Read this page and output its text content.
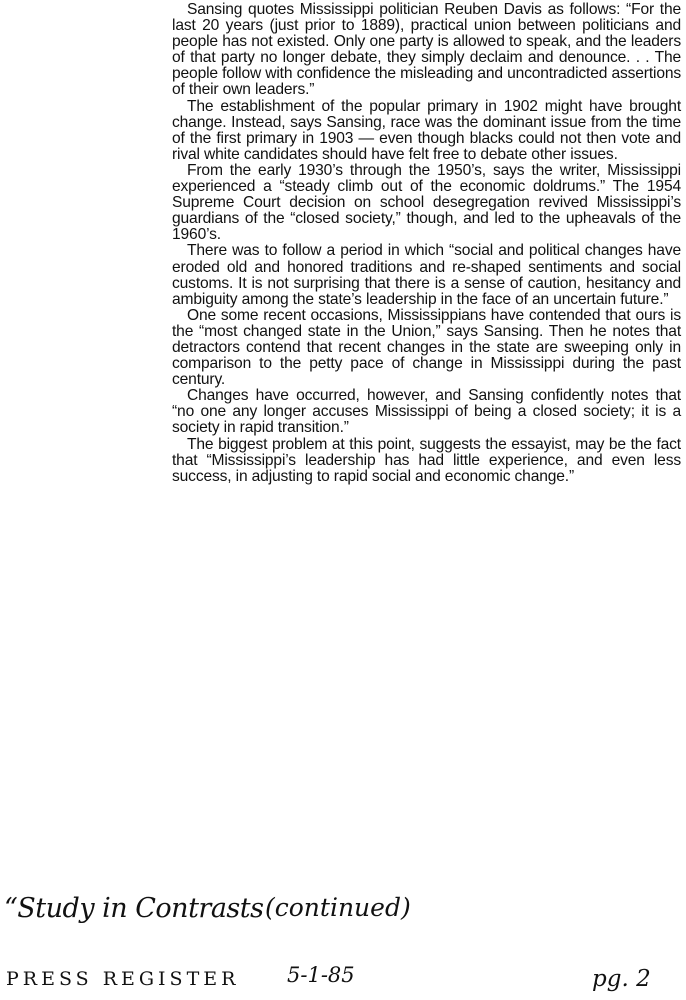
Sansing quotes Mississippi politician Reuben Davis as follows: “For the last 20 years (just prior to 1889), practical union between politicians and people has not existed. Only one party is allowed to speak, and the leaders of that party no longer debate, they simply declaim and denounce. . . The people follow with confidence the misleading and uncontradicted assertions of their own leaders.”

The establishment of the popular primary in 1902 might have brought change. Instead, says Sansing, race was the dominant issue from the time of the first primary in 1903 — even though blacks could not then vote and rival white candidates should have felt free to debate other issues.

From the early 1930’s through the 1950’s, says the writer, Mississippi experienced a “steady climb out of the economic doldrums.” The 1954 Supreme Court decision on school desegregation revived Mississippi’s guardians of the “closed society,” though, and led to the upheavals of the 1960’s.

There was to follow a period in which “social and political changes have eroded old and honored traditions and re-shaped sentiments and social customs. It is not surprising that there is a sense of caution, hesitancy and ambiguity among the state’s leadership in the face of an uncertain future.”

One some recent occasions, Mississippians have contended that ours is the “most changed state in the Union,” says Sansing. Then he notes that detractors contend that recent changes in the state are sweeping only in comparison to the petty pace of change in Mississippi during the past century.

Changes have occurred, however, and Sansing confidently notes that “no one any longer accuses Mississippi of being a closed society; it is a society in rapid transition.”

The biggest problem at this point, suggests the essayist, may be the fact that “Mississippi’s leadership has had little experience, and even less success, in adjusting to rapid social and economic change.”

“Study in Contrasts (continued)
PRESS REGISTER 5-1-85	pg. 2
